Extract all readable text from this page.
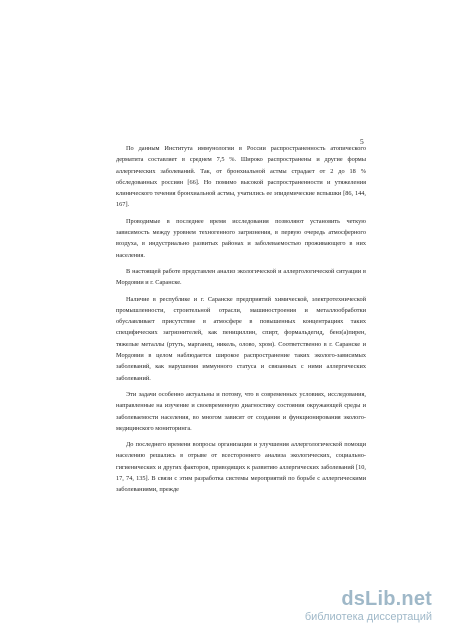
5

По данным Института иммунологии в России распространенность атопического дерматита составляет в среднем 7,5 %. Широко распространены и другие формы аллергических заболеваний. Так, от бронхиальной астмы страдает от 2 до 18 % обследованных россиян [66]. Но помимо высокой распространенности и утяжеления клинического течения бронхиальной астмы, учатились ее эпидемические вспышки [86, 144, 167].

Проводимые в последнее время исследования позволяют установить четкую зависимость между уровнем техногенного загрязнения, в первую очередь атмосферного воздуха, в индустриально развитых районах и заболеваемостью проживающего в них населения.

В настоящей работе представлен анализ экологической и аллергологической ситуации в Мордовии и г. Саранске.

Наличие в республике и г. Саранске предприятий химической, электротехнической промышленности, строительной отрасли, машиностроения и металлообработки обуславливает присутствие в атмосфере в повышенных концентрациях таких специфических загрязнителей, как пенициллин, спирт, формальдегид, бенз(а)пирен, тяжелые металлы (ртуть, марганец, никель, олово, хром). Соответственно в г. Саранске и Мордовии в целом наблюдается широкое распространение таких эколого-зависимых заболеваний, как нарушения иммунного статуса и связанных с ними аллергических заболеваний.

Эти задачи особенно актуальны и потому, что в современных условиях, исследования, направленные на изучение и своевременную диагностику состояния окружающей среды и заболеваемости населения, во многом зависят от создания и функционирования эколого-медицинского мониторинга.

До последнего времени вопросы организации и улучшения аллергологической помощи населению решались в отрыве от всестороннего анализа экологических, социально-гигиенических и других факторов, приводящих к развитию аллергических заболеваний [10, 17, 74, 135]. В связи с этим разработка системы мероприятий по борьбе с аллергическими заболеваниями, прежде

dsLib.net
библиотека диссертаций
